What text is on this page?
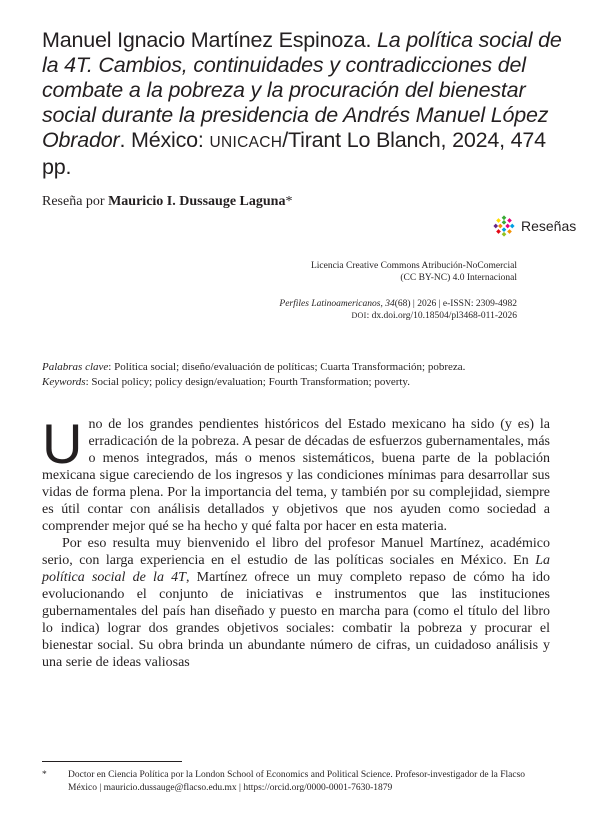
Manuel Ignacio Martínez Espinoza. La política social de la 4T. Cambios, continuidades y contradicciones del combate a la pobreza y la procuración del bienestar social durante la presidencia de Andrés Manuel López Obrador. México: UNICACH/Tirant Lo Blanch, 2024, 474 pp.

Reseña por Mauricio I. Dussauge Laguna*

Reseñas

Licencia Creative Commons Atribución-NoComercial

(CC BY-NC) 4.0 Internacional

Perfiles Latinoamericanos, 34(68) | 2026 | e-ISSN: 2309-4982

DOI: dx.doi.org/10.18504/pl3468-011-2026

Palabras clave: Política social; diseño/evaluación de políticas; Cuarta Transformación; pobreza.

Keywords: Social policy; policy design/evaluation; Fourth Transformation; poverty.

Uno de los grandes pendientes históricos del Estado mexicano ha sido (y es) la erradicación de la pobreza. A pesar de décadas de esfuerzos gubernamentales, más o menos integrados, más o menos sistemáticos, buena parte de la población mexicana sigue careciendo de los ingresos y las condiciones mínimas para desarrollar sus vidas de forma plena. Por la importancia del tema, y también por su complejidad, siempre es útil contar con análisis detallados y objetivos que nos ayuden como sociedad a comprender mejor qué se ha hecho y qué falta por hacer en esta materia.

Por eso resulta muy bienvenido el libro del profesor Manuel Martínez, académico serio, con larga experiencia en el estudio de las políticas sociales en México. En La política social de la 4T, Martínez ofrece un muy completo repaso de cómo ha ido evolucionando el conjunto de iniciativas e instrumentos que las instituciones gubernamentales del país han diseñado y puesto en marcha para (como el título del libro lo indica) lograr dos grandes objetivos sociales: combatir la pobreza y procurar el bienestar social. Su obra brinda un abundante número de cifras, un cuidadoso análisis y una serie de ideas valiosas

* Doctor en Ciencia Política por la London School of Economics and Political Science. Profesor-investigador de la Flacso México | mauricio.dussauge@flacso.edu.mx | https://orcid.org/0000-0001-7630-1879
